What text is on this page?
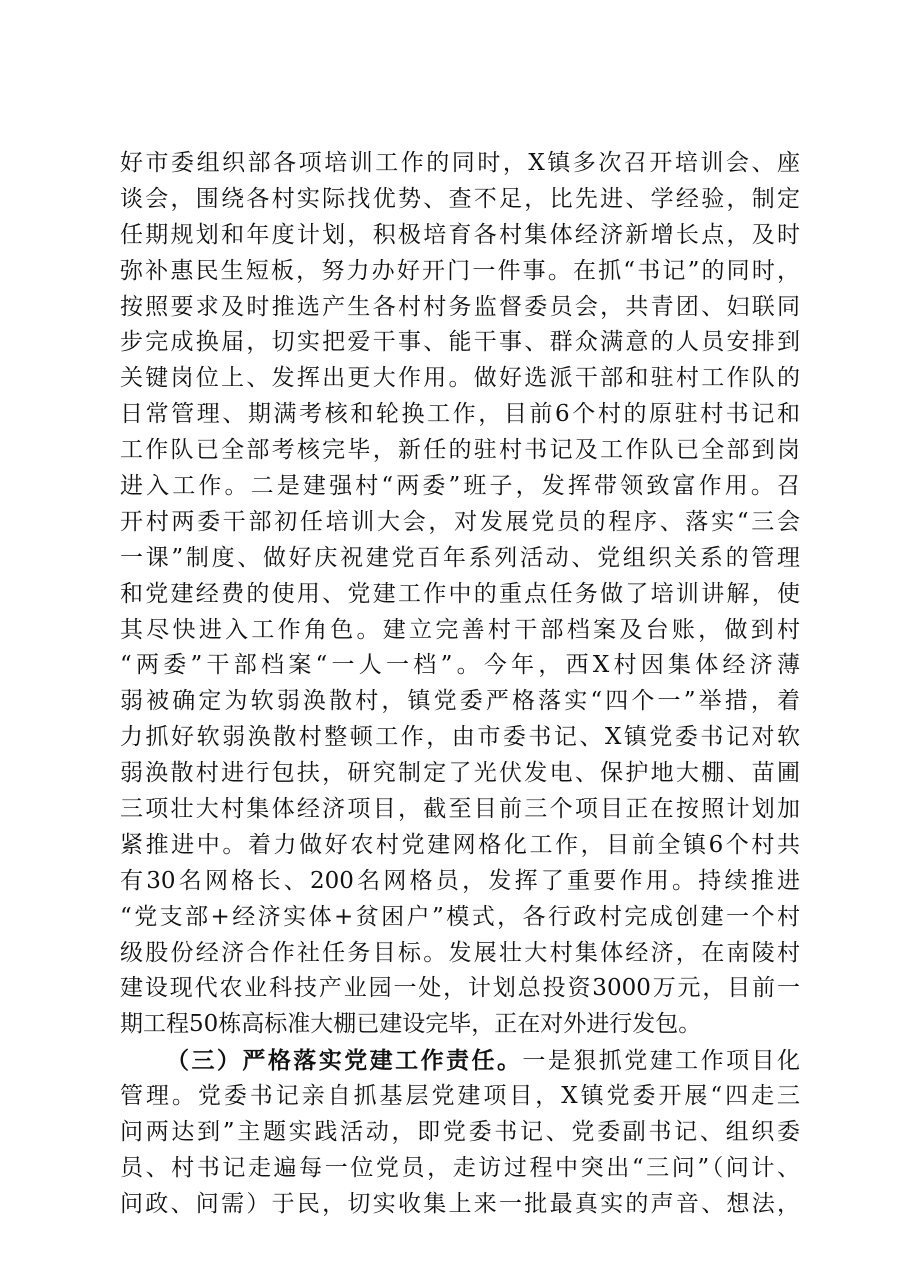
好市委组织部各项培训工作的同时，X镇多次召开培训会、座
谈会，围绕各村实际找优势、查不足，比先进、学经验，制定
任期规划和年度计划，积极培育各村集体经济新增长点，及时
弥补惠民生短板，努力办好开门一件事。在抓“书记”的同时，
按照要求及时推选产生各村村务监督委员会，共青团、妇联同
步完成换届，切实把爱干事、能干事、群众满意的人员安排到
关键岗位上、发挥出更大作用。做好选派干部和驻村工作队的
日常管理、期满考核和轮换工作，目前6个村的原驻村书记和
工作队已全部考核完毕，新任的驻村书记及工作队已全部到岗
进入工作。二是建强村“两委”班子，发挥带领致富作用。召
开村两委干部初任培训大会，对发展党员的程序、落实“三会
一课”制度、做好庆祝建党百年系列活动、党组织关系的管理
和党建经费的使用、党建工作中的重点任务做了培训讲解，使
其尽快进入工作角色。建立完善村干部档案及台账，做到村
“两委”干部档案“一人一档”。今年，西X村因集体经济薄
弱被确定为软弱涣散村，镇党委严格落实“四个一”举措，着
力抓好软弱涣散村整顿工作，由市委书记、X镇党委书记对软
弱涣散村进行包扶，研究制定了光伏发电、保护地大棚、苗圃
三项壮大村集体经济项目，截至目前三个项目正在按照计划加
紧推进中。着力做好农村党建网格化工作，目前全镇6个村共
有30名网格长、200名网格员，发挥了重要作用。持续推进
“党支部+经济实体+贫困户”模式，各行政村完成创建一个村
级股份经济合作社任务目标。发展壮大村集体经济，在南陵村
建设现代农业科技产业园一处，计划总投资3000万元，目前一
期工程50栋高标准大棚已建设完毕，正在对外进行发包。
（三）严格落实党建工作责任。一是狠抓党建工作项目化
管理。党委书记亲自抓基层党建项目，X镇党委开展“四走三
问两达到”主题实践活动，即党委书记、党委副书记、组织委
员、村书记走遍每一位党员，走访过程中突出“三问”（问计、
问政、问需）于民，切实收集上来一批最真实的声音、想法，
